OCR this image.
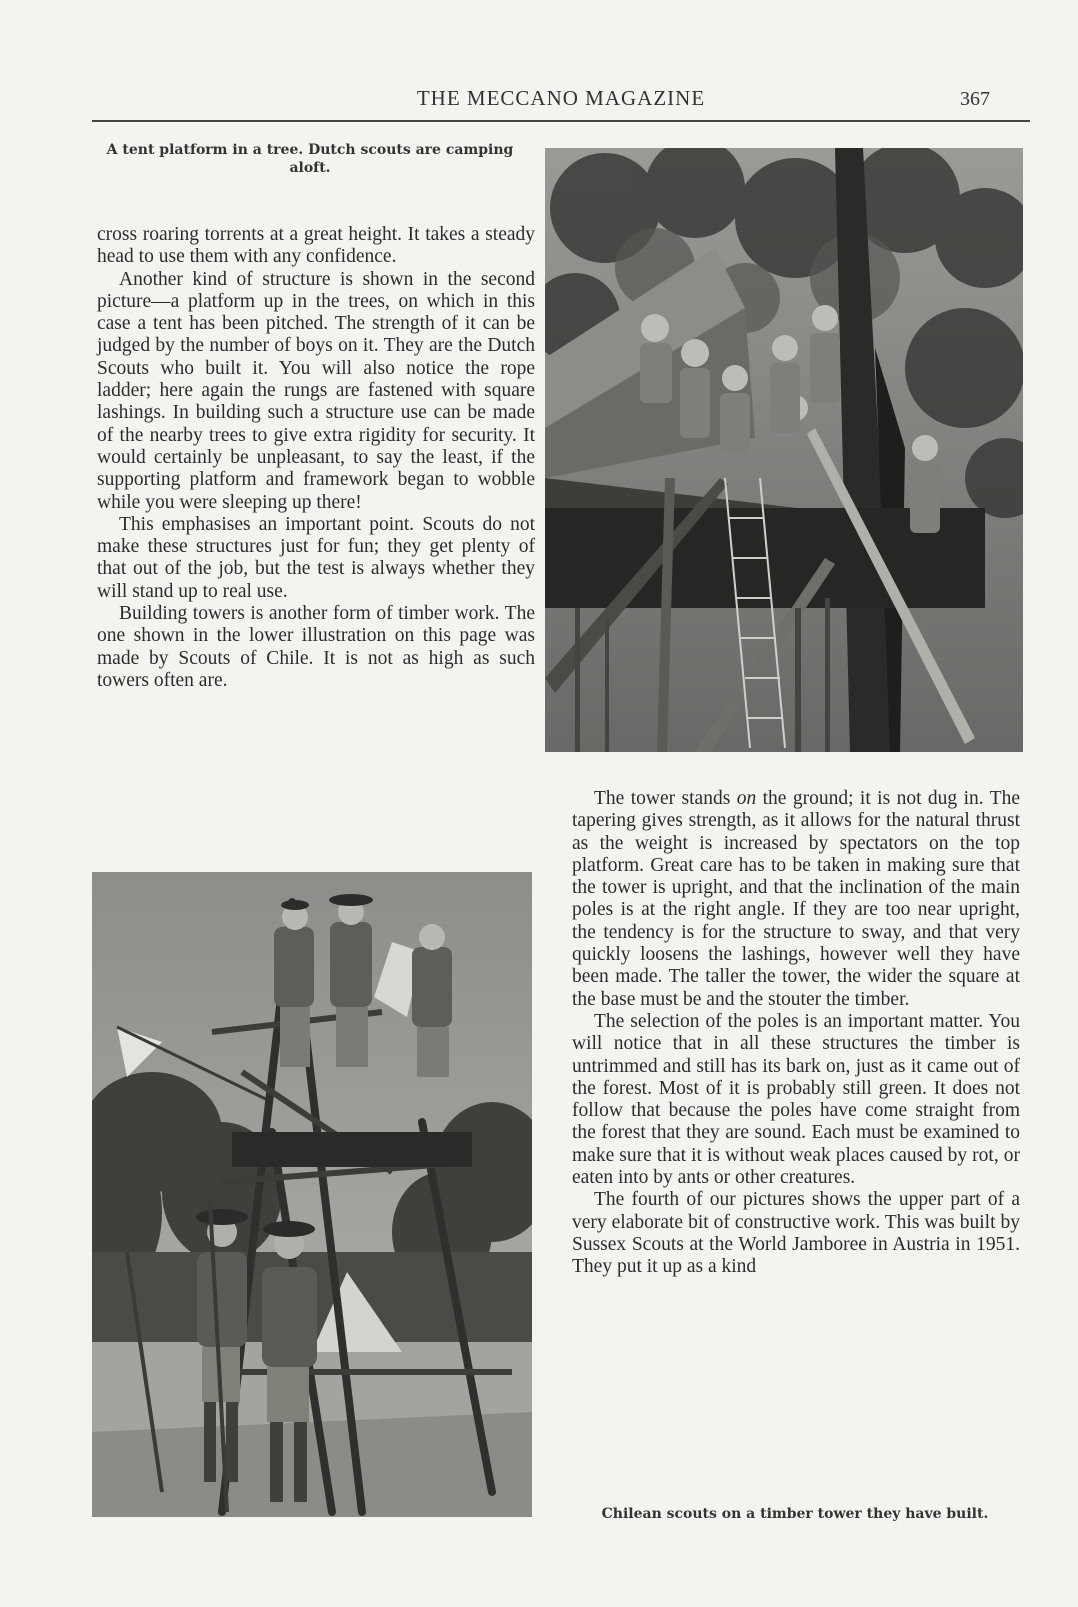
THE MECCANO MAGAZINE	367
A tent platform in a tree. Dutch scouts are camping aloft.

cross roaring torrents at a great height. It takes a steady head to use them with any confidence.

Another kind of structure is shown in the second picture—a platform up in the trees, on which in this case a tent has been pitched. The strength of it can be judged by the number of boys on it. They are the Dutch Scouts who built it. You will also notice the rope ladder; here again the rungs are fastened with square lashings. In building such a structure use can be made of the nearby trees to give extra rigidity for security. It would certainly be unpleasant, to say the least, if the supporting platform and framework began to wobble while you were sleeping up there!

This emphasises an important point. Scouts do not make these structures just for fun; they get plenty of that out of the job, but the test is always whether they will stand up to real use.

Building towers is another form of timber work. The one shown in the lower illustration on this page was made by Scouts of Chile. It is not as high as such towers often are.

The tower stands on the ground; it is not dug in. The tapering gives strength, as it allows for the natural thrust as the weight is increased by spectators on the top platform. Great care has to be taken in making sure that the tower is upright, and that the inclination of the main poles is at the right angle. If they are too near upright, the tendency is for the structure to sway, and that very quickly loosens the lashings, however well they have been made. The taller the tower, the wider the square at the base must be and the stouter the timber.

The selection of the poles is an important matter. You will notice that in all these structures the timber is untrimmed and still has its bark on, just as it came out of the forest. Most of it is probably still green. It does not follow that because the poles have come straight from the forest that they are sound. Each must be examined to make sure that it is without weak places caused by rot, or eaten into by ants or other creatures.

The fourth of our pictures shows the upper part of a very elaborate bit of constructive work. This was built by Sussex Scouts at the World Jamboree in Austria in 1951. They put it up as a kind

Chilean scouts on a timber tower they have built.
